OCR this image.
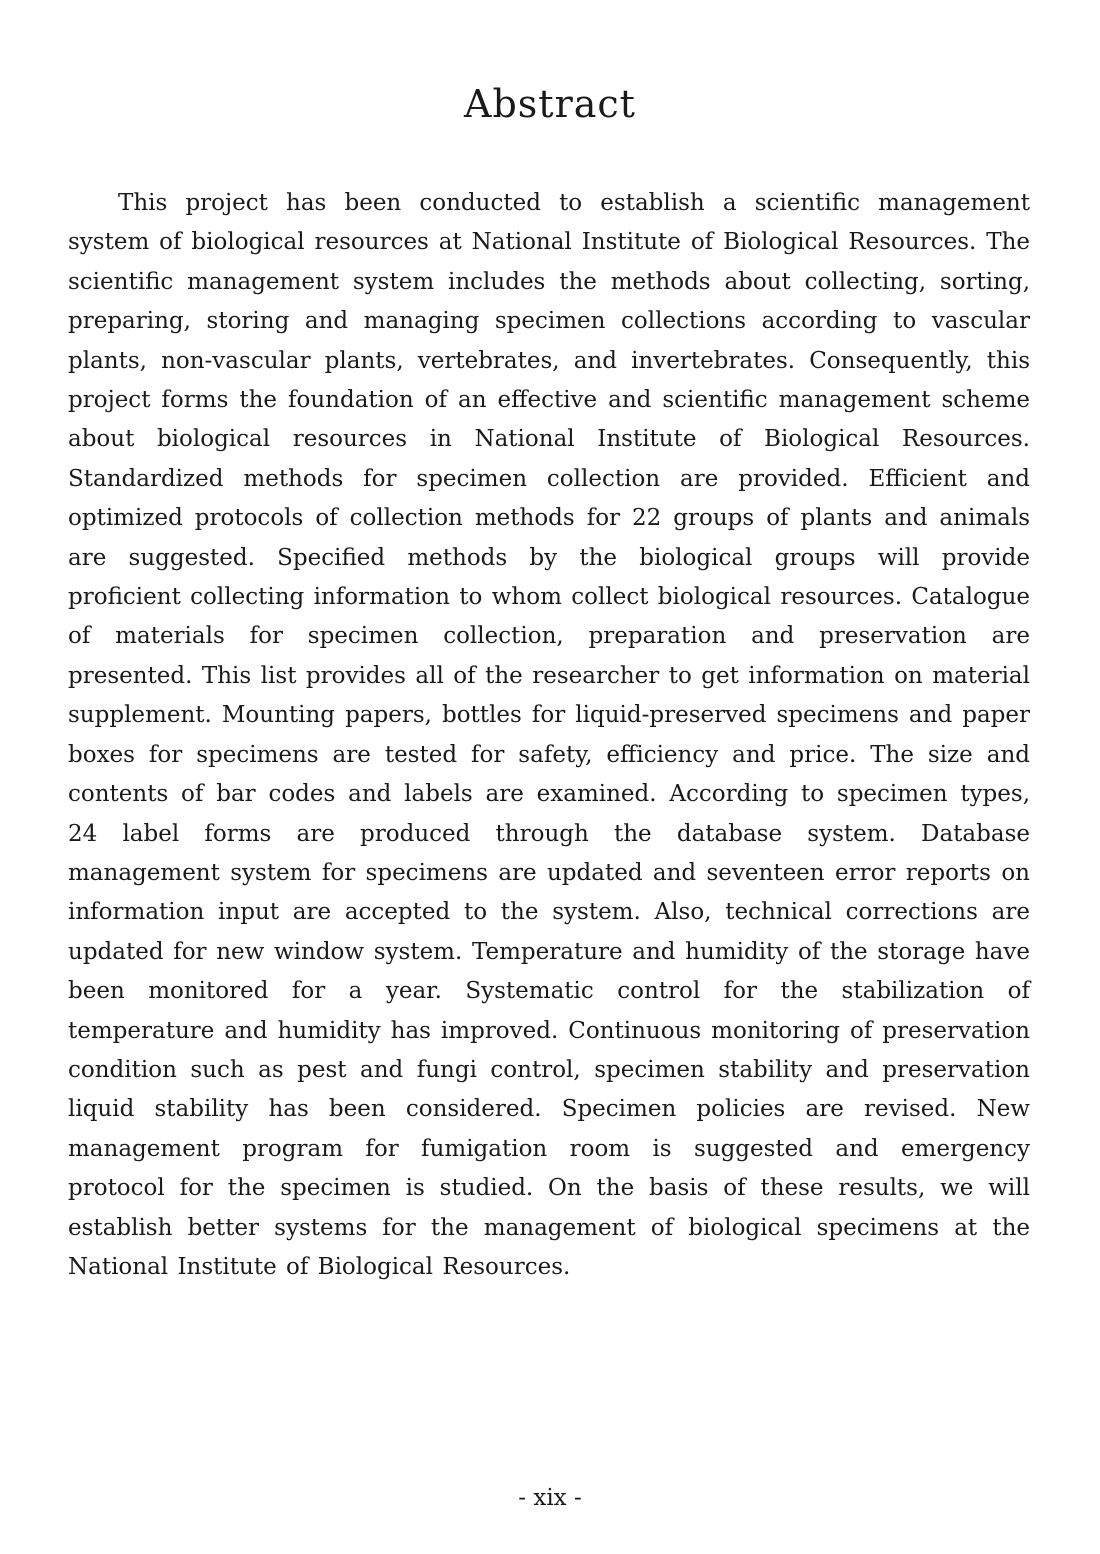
Abstract

This project has been conducted to establish a scientific management system of biological resources at National Institute of Biological Resources. The scientific management system includes the methods about collecting, sorting, preparing, storing and managing specimen collections according to vascular plants, non-vascular plants, vertebrates, and invertebrates. Consequently, this project forms the foundation of an effective and scientific management scheme about biological resources in National Institute of Biological Resources. Standardized methods for specimen collection are provided. Efficient and optimized protocols of collection methods for 22 groups of plants and animals are suggested. Specified methods by the biological groups will provide proficient collecting information to whom collect biological resources. Catalogue of materials for specimen collection, preparation and preservation are presented. This list provides all of the researcher to get information on material supplement. Mounting papers, bottles for liquid-preserved specimens and paper boxes for specimens are tested for safety, efficiency and price. The size and contents of bar codes and labels are examined. According to specimen types, 24 label forms are produced through the database system. Database management system for specimens are updated and seventeen error reports on information input are accepted to the system. Also, technical corrections are updated for new window system. Temperature and humidity of the storage have been monitored for a year. Systematic control for the stabilization of temperature and humidity has improved. Continuous monitoring of preservation condition such as pest and fungi control, specimen stability and preservation liquid stability has been considered. Specimen policies are revised. New management program for fumigation room is suggested and emergency protocol for the specimen is studied. On the basis of these results, we will establish better systems for the management of biological specimens at the National Institute of Biological Resources.

- xix -
